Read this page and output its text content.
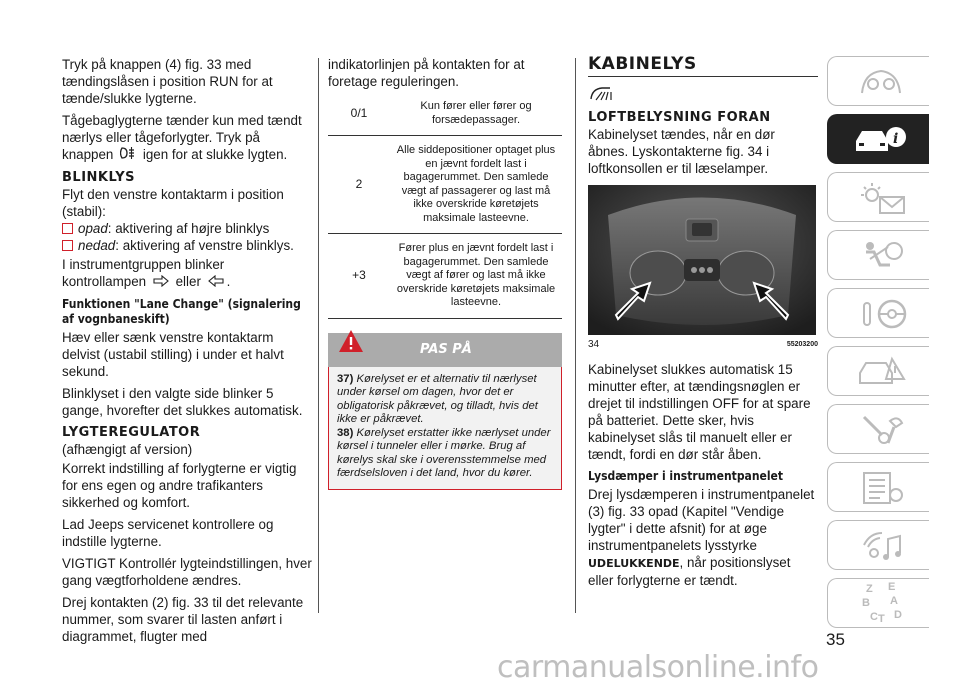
Tryk på knappen (4) fig. 33 med tændingslåsen i position RUN for at tænde/slukke lygterne.

Tågebaglygterne tænder kun med tændt nærlys eller tågeforlygter. Tryk på knappen igen for at slukke lygten.

BLINKLYS

Flyt den venstre kontaktarm i position (stabil):

opad: aktivering af højre blinklys
nedad: aktivering af venstre blinklys.

I instrumentgruppen blinker kontrollampen eller .

Funktionen "Lane Change" (signalering af vognbaneskift)

Hæv eller sænk venstre kontaktarm delvist (ustabil stilling) i under et halvt sekund.

Blinklyset i den valgte side blinker 5 gange, hvorefter det slukkes automatisk.

LYGTEREGULATOR

(afhængigt af version)

Korrekt indstilling af forlygterne er vigtig for ens egen og andre trafikanters sikkerhed og komfort.

Lad Jeeps servicenet kontrollere og indstille lygterne.

VIGTIGT Kontrollér lygteindstillingen, hver gang vægtforholdene ændres.

Drej kontakten (2) fig. 33 til det relevante nummer, som svarer til lasten anført i diagrammet, flugter med

indikatorlinjen på kontakten for at foretage reguleringen.

0/1	Kun fører eller fører og forsædepassager.
2	Alle siddepositioner optaget plus en jævnt fordelt last i bagagerummet. Den samlede vægt af passagerer og last må ikke overskride køretøjets maksimale lasteevne.
+3	Fører plus en jævnt fordelt last i bagagerummet. Den samlede vægt af fører og last må ikke overskride køretøjets maksimale lasteevne.
PAS PÅ
37) Kørelyset er et alternativ til nærlyset under kørsel om dagen, hvor det er obligatorisk påkrævet, og tilladt, hvis det ikke er påkrævet.
38) Kørelyset erstatter ikke nærlyset under kørsel i tunneler eller i mørke. Brug af kørelys skal ske i overensstemmelse med færdselsloven i det land, hvor du kører.
KABINELYS
LOFTBELYSNING FORAN

Kabinelyset tændes, når en dør åbnes. Lyskontakterne fig. 34 i loftkonsollen er til læselamper.

34	55203200

Kabinelyset slukkes automatisk 15 minutter efter, at tændingsnøglen er drejet til indstillingen OFF for at spare på batteriet. Dette sker, hvis kabinelyset slås til manuelt eller er tændt, fordi en dør står åben.

Lysdæmper i instrumentpanelet

Drej lysdæmperen i instrumentpanelet (3) fig. 33 opad (Kapitel "Vendige lygter" i dette afsnit) for at øge instrumentpanelets lysstyrke UDELUKKENDE, når positionslyset eller forlygterne er tændt.

i
Z E
B A
C T D
35
carmanualsonline.info
